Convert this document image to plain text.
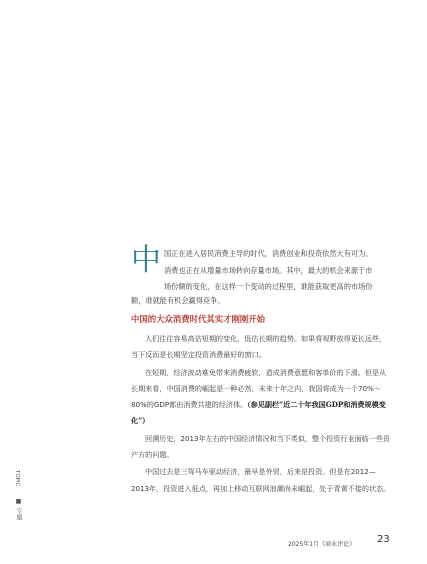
中 国正在进入居民消费主导的时代，消费创业和投资依然大有可为。
消费也正在从增量市场转向存量市场。其中，最大的机会来源于市
场份额的变化，在这样一个变动的过程里，谁能获取更高的市场份
额，谁就能有机会赢得竞争。
中国的大众消费时代其实才刚刚开始

人们往往容易高估短期的变化，低估长期的趋势。如果将视野放得更长远些，当下反而是长期坚定投资消费最好的窗口。

在短期，经济波动难免带来消费疲软，造成消费意愿和客单价的下滑。但是从长期来看，中国消费的崛起是一种必然，未来十年之内，我国将成为一个70%～80%的GDP都由消费共建的经济体。（参见副栏“近二十年我国GDP和消费规模变化”）

回溯历史，2013年左右的中国经济情况和当下类似，整个投资行业面临一些资产方的问题。

中国过去是三驾马车驱动经济，最早是外贸，后来是投资。但是在2012—2013年，投资进入低点，再加上移动互联网浪潮尚未崛起，处于青黄不接的状态。

■ 专题
TOPIC
2025年1月《商业评论》 23
